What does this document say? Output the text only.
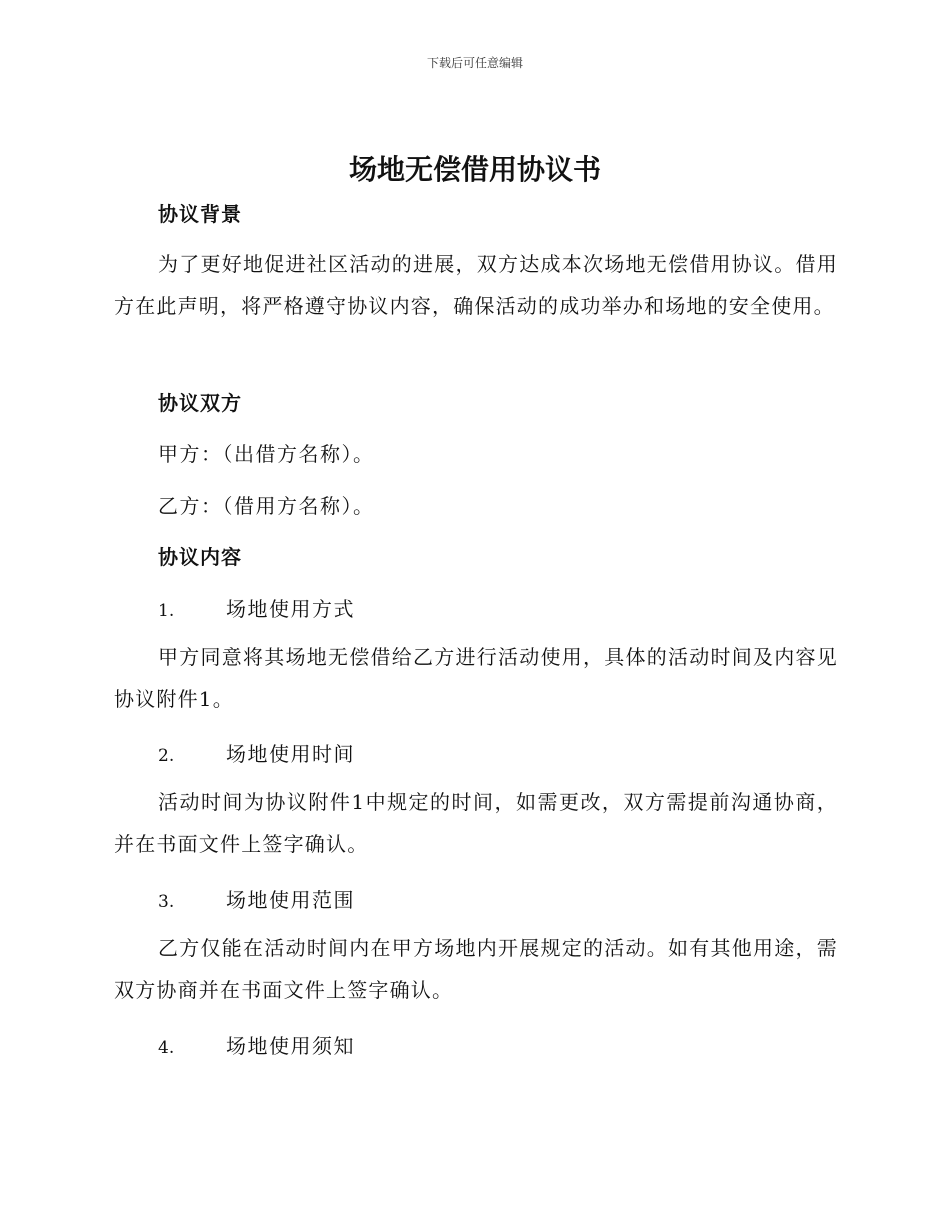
下载后可任意编辑
场地无偿借用协议书
协议背景
为了更好地促进社区活动的进展，双方达成本次场地无偿借用协议。借用方在此声明，将严格遵守协议内容，确保活动的成功举办和场地的安全使用。
协议双方
甲方：（出借方名称）。
乙方：（借用方名称）。
协议内容
1.	场地使用方式
甲方同意将其场地无偿借给乙方进行活动使用，具体的活动时间及内容见协议附件1。
2.	场地使用时间
活动时间为协议附件1中规定的时间，如需更改，双方需提前沟通协商，并在书面文件上签字确认。
3.	场地使用范围
乙方仅能在活动时间内在甲方场地内开展规定的活动。如有其他用途，需双方协商并在书面文件上签字确认。
4.	场地使用须知
